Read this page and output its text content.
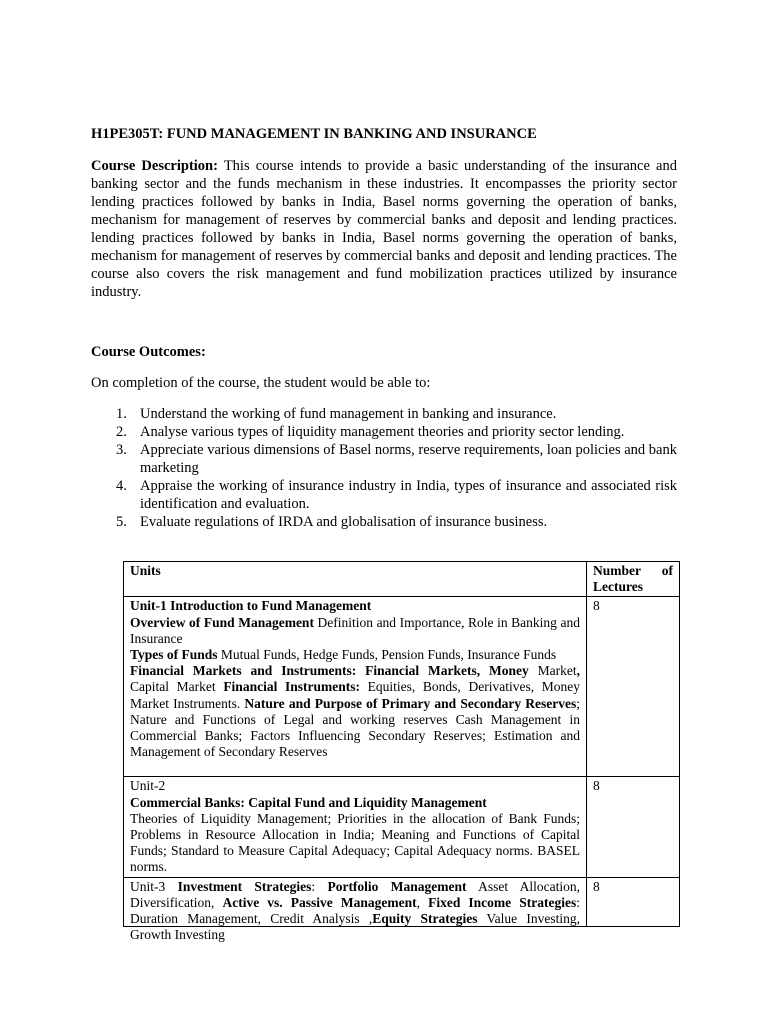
H1PE305T: FUND MANAGEMENT IN BANKING AND INSURANCE

Course Description: This course intends to provide a basic understanding of the insurance and banking sector and the funds mechanism in these industries. It encompasses the priority sector lending practices followed by banks in India, Basel norms governing the operation of banks, mechanism for management of reserves by commercial banks and deposit and lending practices. lending practices followed by banks in India, Basel norms governing the operation of banks, mechanism for management of reserves by commercial banks and deposit and lending practices. The course also covers the risk management and fund mobilization practices utilized by insurance industry.

Course Outcomes:
On completion of the course, the student would be able to:
1. Understand the working of fund management in banking and insurance.
2. Analyse various types of liquidity management theories and priority sector lending.
3. Appreciate various dimensions of Basel norms, reserve requirements, loan policies and bank marketing
4. Appraise the working of insurance industry in India, types of insurance and associated risk identification and evaluation.
5. Evaluate regulations of IRDA and globalisation of insurance business.
Units	Number of
Lectures

Unit-1 Introduction to Fund Management
Overview of Fund Management Definition and Importance, Role in Banking and Insurance
Types of Funds Mutual Funds, Hedge Funds, Pension Funds, Insurance Funds
Financial Markets and Instruments: Financial Markets, Money Market, Capital Market Financial Instruments: Equities, Bonds, Derivatives, Money Market Instruments. Nature and Purpose of Primary and Secondary Reserves; Nature and Functions of Legal and working reserves Cash Management in Commercial Banks; Factors Influencing Secondary Reserves; Estimation and Management of Secondary Reserves	8
Unit-2
Commercial Banks: Capital Fund and Liquidity Management
Theories of Liquidity Management; Priorities in the allocation of Bank Funds; Problems in Resource Allocation in India; Meaning and Functions of Capital Funds; Standard to Measure Capital Adequacy; Capital Adequacy norms. BASEL norms.	8

Unit-3 Investment Strategies: Portfolio Management Asset Allocation, Diversification, Active vs. Passive Management, Fixed Income Strategies: Duration Management, Credit Analysis ,Equity Strategies Value Investing, Growth Investing	8
